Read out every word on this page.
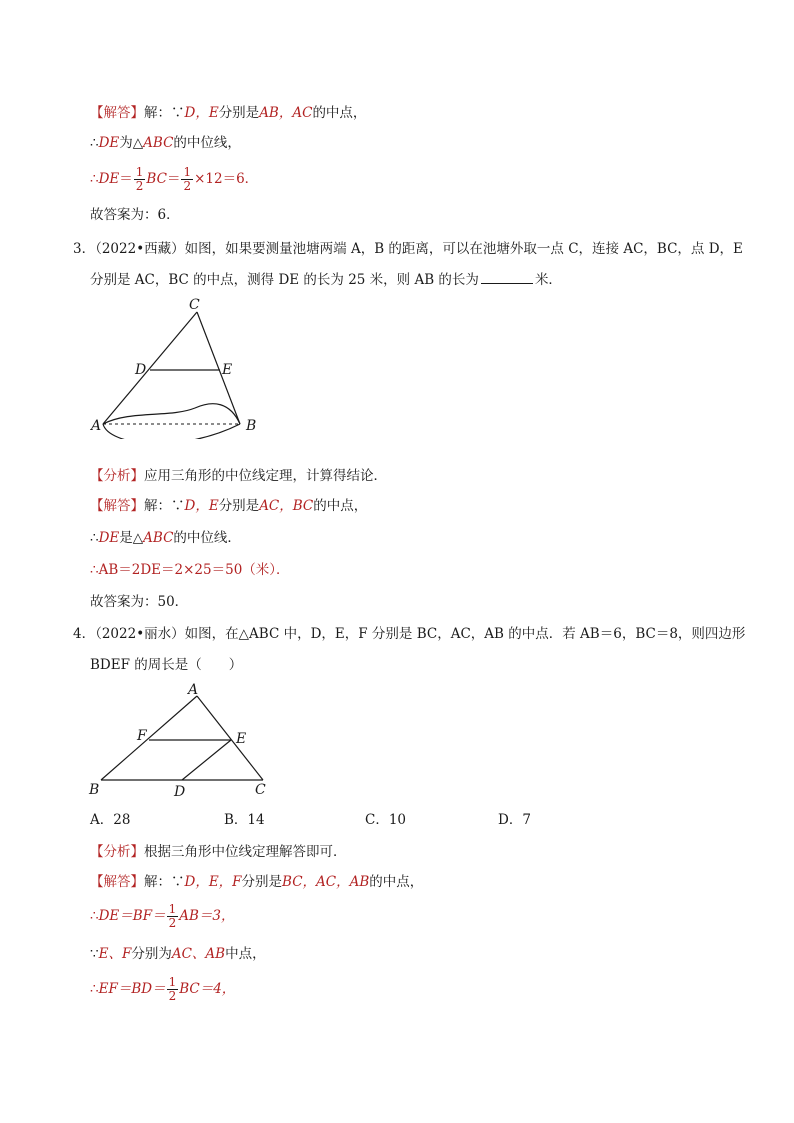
【解答】解：∵D，E分别是AB，AC的中点，
∴DE为△ABC的中位线，
∴ DE ＝ $\frac{1}{2}$ BC ＝ $\frac{1}{2} \times 12=6$．
故答案为：6．
3．（2022•西藏）如图，如果要测量池塘两端 A，B 的距离，可以在池塘外取一点 C，连接 AC，BC，点 D，E
分别是 AC，BC 的中点，测得 DE 的长为 25 米，则 AB 的长为	米．
C
D	E
A	B
【分析】应用三角形的中位线定理，计算得结论．
【解答】解：∵D，E分别是AC，BC的中点，
∴DE是△ABC的中位线．
∴AB＝2DE＝2×25＝50（米）．
故答案为：50．
4．（2022•丽水）如图，在△ABC 中，D，E，F 分别是 BC，AC，AB 的中点．若 AB＝6，BC＝8，则四边形
BDEF 的周长是（　　）
A
F	E
B	D	C
A．28	B．14	C．10	D．7
【分析】根据三角形中位线定理解答即可．
【解答】解：∵D，E，F分别是BC，AC，AB的中点，
∴ $DE=BF= \frac{1}{2} AB=3$，
∵E、F分别为AC、AB中点，
∴ $EF=BD= \frac{1}{2} BC=4$，
